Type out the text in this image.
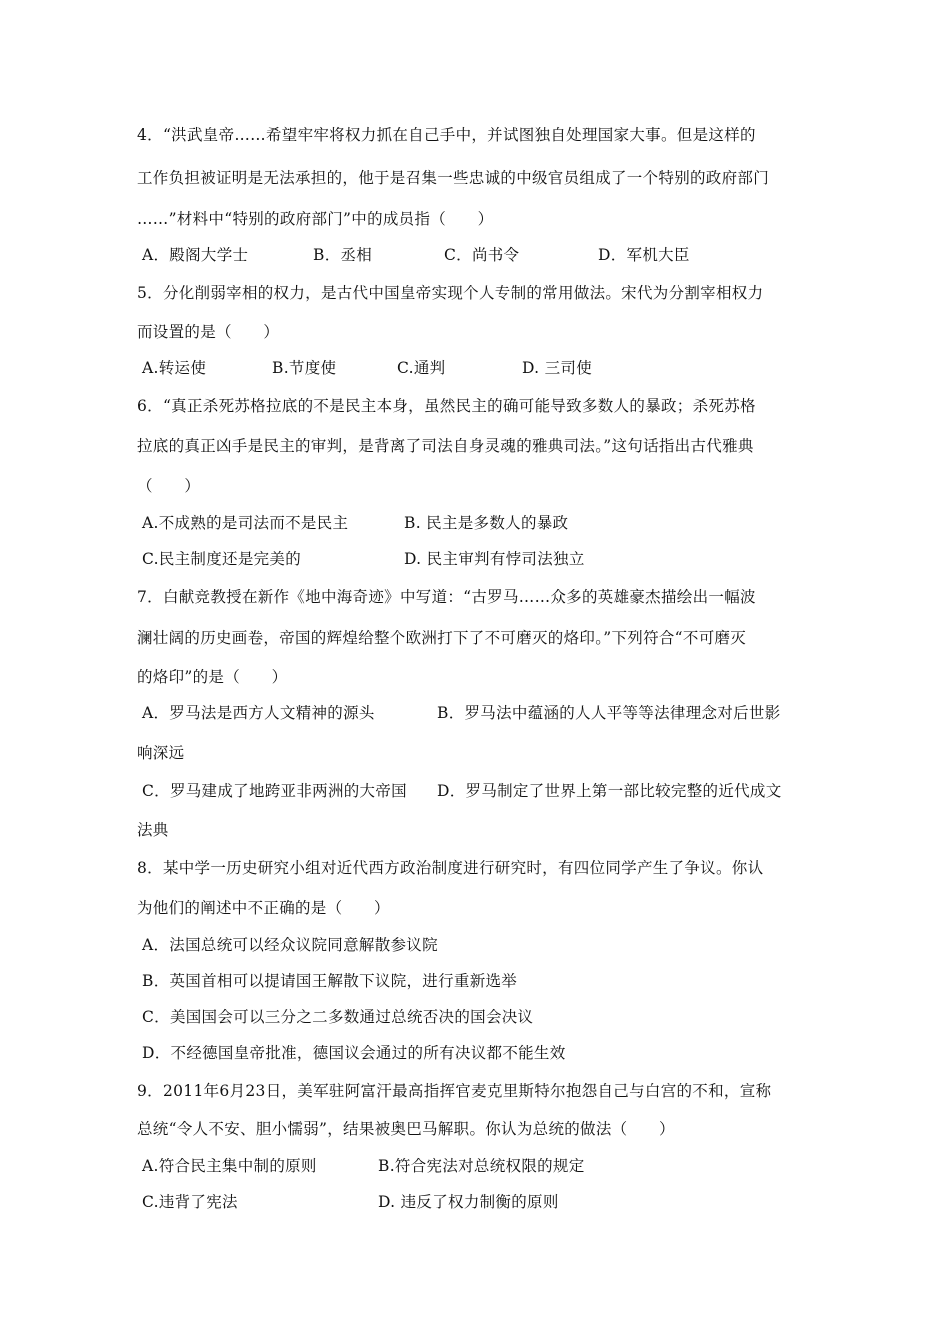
4．“洪武皇帝……希望牢牢将权力抓在自己手中，并试图独自处理国家大事。但是这样的
工作负担被证明是无法承担的，他于是召集一些忠诚的中级官员组成了一个特别的政府部门
……”材料中“特别的政府部门”中的成员指（　　）
A．殿阁大学士	B．丞相	C．尚书令	D．军机大臣
5．分化削弱宰相的权力，是古代中国皇帝实现个人专制的常用做法。宋代为分割宰相权力
而设置的是（　　）
A.转运使	B.节度使	C.通判	D. 三司使
6．“真正杀死苏格拉底的不是民主本身，虽然民主的确可能导致多数人的暴政；杀死苏格
拉底的真正凶手是民主的审判，是背离了司法自身灵魂的雅典司法。”这句话指出古代雅典
（　　）
A.不成熟的是司法而不是民主	B. 民主是多数人的暴政
C.民主制度还是完美的	D. 民主审判有悖司法独立
7．白献竞教授在新作《地中海奇迹》中写道：“古罗马……众多的英雄豪杰描绘出一幅波
澜壮阔的历史画卷，帝国的辉煌给整个欧洲打下了不可磨灭的烙印。”下列符合“不可磨灭
的烙印”的是（　　）
A．罗马法是西方人文精神的源头	B．罗马法中蕴涵的人人平等等法律理念对后世影
响深远
C．罗马建成了地跨亚非两洲的大帝国 D．罗马制定了世界上第一部比较完整的近代成文
法典
8．某中学一历史研究小组对近代西方政治制度进行研究时，有四位同学产生了争议。你认
为他们的阐述中不正确的是（　　）
A．法国总统可以经众议院同意解散参议院
B．英国首相可以提请国王解散下议院，进行重新选举
C．美国国会可以三分之二多数通过总统否决的国会决议
D．不经德国皇帝批准，德国议会通过的所有决议都不能生效
9．2011年6月23日，美军驻阿富汗最高指挥官麦克里斯特尔抱怨自己与白宫的不和，宣称
总统“令人不安、胆小懦弱”，结果被奥巴马解职。你认为总统的做法（　　）
A.符合民主集中制的原则	B.符合宪法对总统权限的规定
C.违背了宪法	D. 违反了权力制衡的原则
